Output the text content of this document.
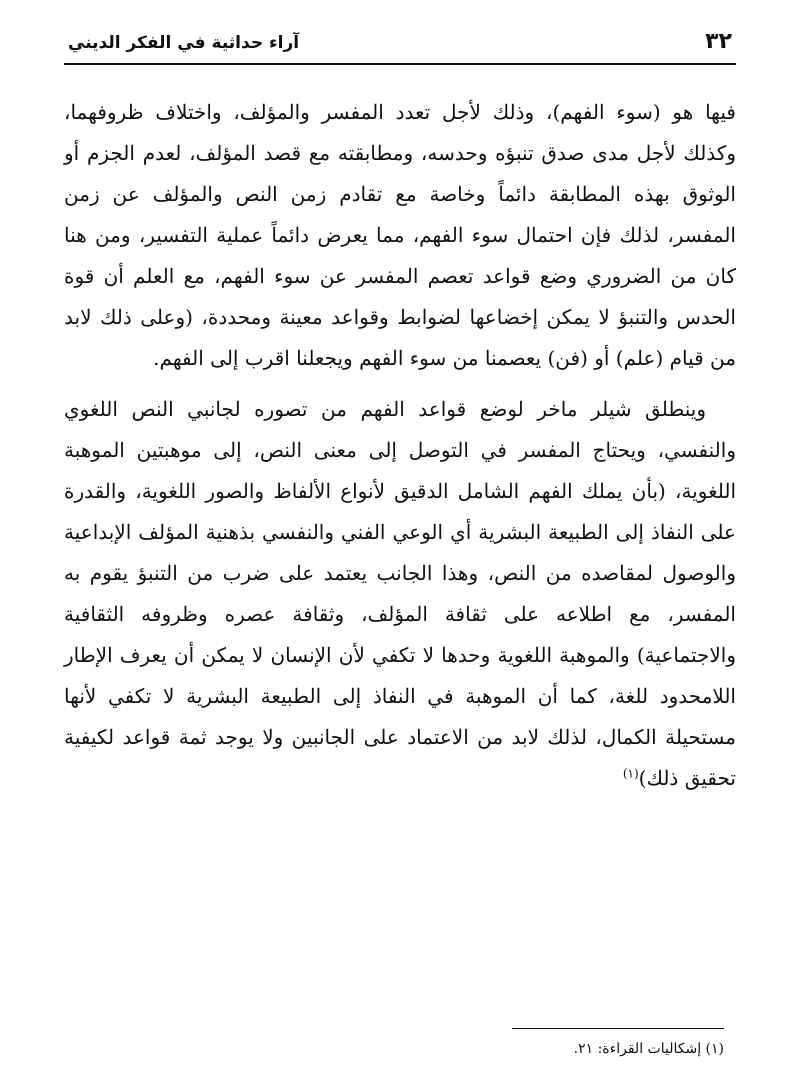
٣٢
آراء حداثية في الفكر الديني

فيها هو (سوء الفهم)، وذلك لأجل تعدد المفسر والمؤلف، واختلاف ظروفهما، وكذلك لأجل مدى صدق تنبؤه وحدسه، ومطابقته مع قصد المؤلف، لعدم الجزم أو الوثوق بهذه المطابقة دائماً وخاصة مع تقادم زمن النص والمؤلف عن زمن المفسر، لذلك فإن احتمال سوء الفهم، مما يعرض دائماً عملية التفسير، ومن هنا كان من الضروري وضع قواعد تعصم المفسر عن سوء الفهم، مع العلم أن قوة الحدس والتنبؤ لا يمكن إخضاعها لضوابط وقواعد معينة ومحددة، (وعلى ذلك لابد من قيام (علم) أو (فن) يعصمنا من سوء الفهم ويجعلنا اقرب إلى الفهم.

وينطلق شيلر ماخر لوضع قواعد الفهم من تصوره لجانبي النص اللغوي والنفسي، ويحتاج المفسر في التوصل إلى معنى النص، إلى موهبتين الموهبة اللغوية، (بأن يملك الفهم الشامل الدقيق لأنواع الألفاظ والصور اللغوية، والقدرة على النفاذ إلى الطبيعة البشرية أي الوعي الفني والنفسي بذهنية المؤلف الإبداعية والوصول لمقاصده من النص، وهذا الجانب يعتمد على ضرب من التنبؤ يقوم به المفسر، مع اطلاعه على ثقافة المؤلف، وثقافة عصره وظروفه الثقافية والاجتماعية) والموهبة اللغوية وحدها لا تكفي لأن الإنسان لا يمكن أن يعرف الإطار اللامحدود للغة، كما أن الموهبة في النفاذ إلى الطبيعة البشرية لا تكفي لأنها مستحيلة الكمال، لذلك لابد من الاعتماد على الجانبين ولا يوجد ثمة قواعد لكيفية تحقيق ذلك)$^{(١)}$

(١) إشكاليات القراءة: ٢١.
